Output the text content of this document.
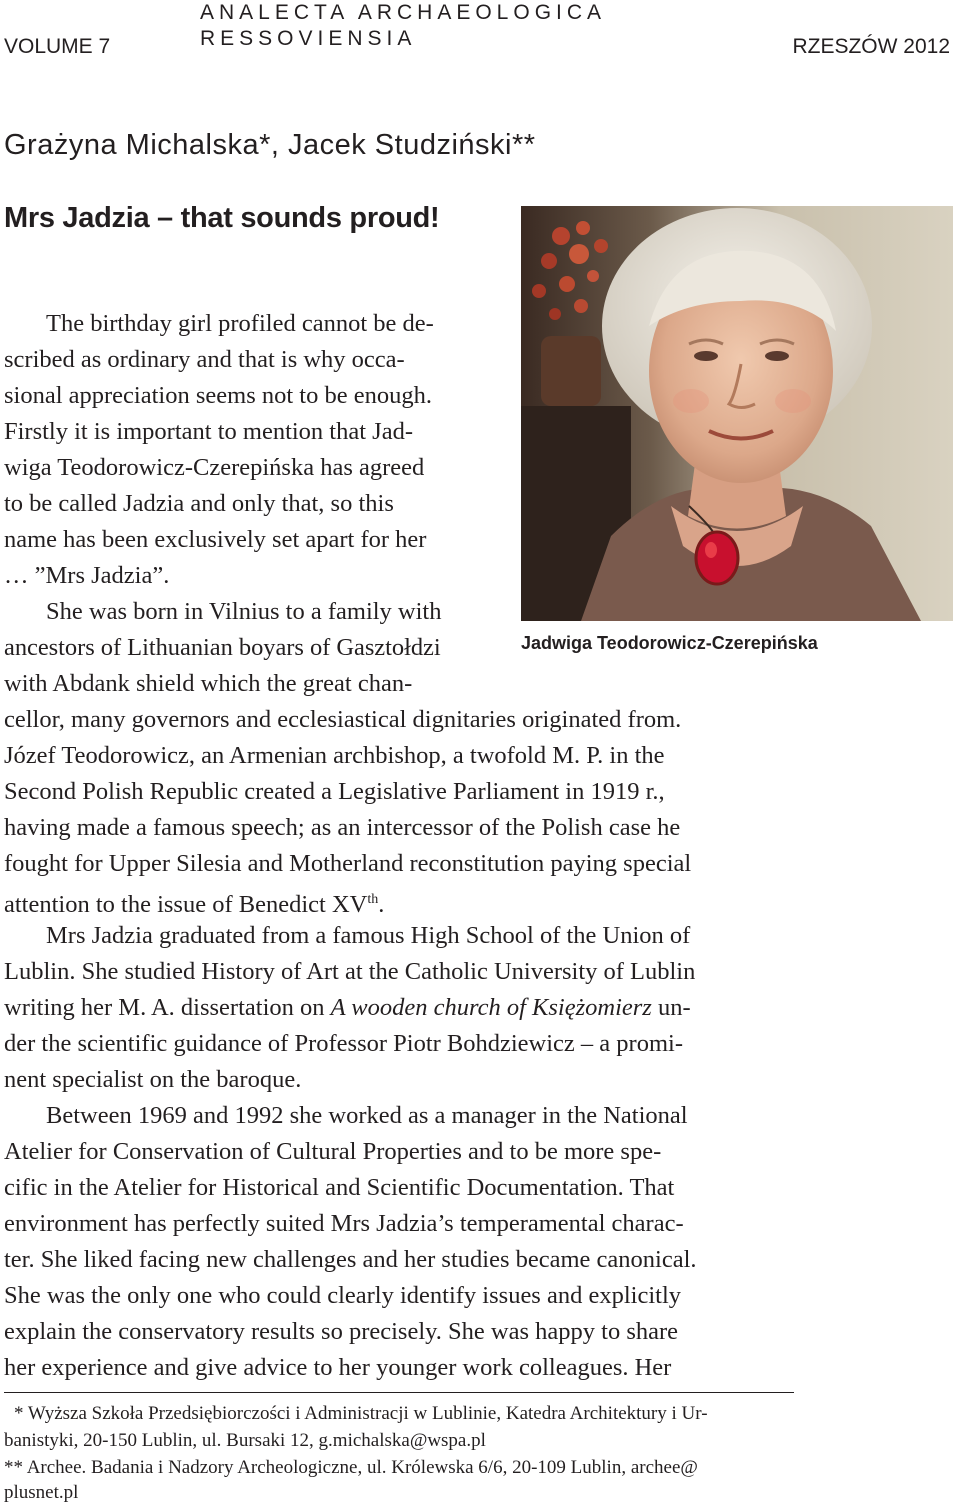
ANALECTA ARCHAEOLOGICA RESSOVIENSIA
VOLUME 7	RZESZÓW 2012
Grażyna Michalska*, Jacek Studziński**
Mrs Jadzia – that sounds proud!
Jadwiga Teodorowicz-Czerepińska
The birthday girl profiled cannot be de-
scribed as ordinary and that is why occa-
sional appreciation seems not to be enough.
Firstly it is important to mention that Jad-
wiga Teodorowicz-Czerepińska has agreed
to be called Jadzia and only that, so this
name has been exclusively set apart for her
… ”Mrs Jadzia”.
She was born in Vilnius to a family with
ancestors of Lithuanian boyars of Gasztołdzi
with Abdank shield which the great chan-
cellor, many governors and ecclesiastical dignitaries originated from.
Józef Teodorowicz, an Armenian archbishop, a twofold M. P. in the
Second Polish Republic created a Legislative Parliament in 1919 r.,
having made a famous speech; as an intercessor of the Polish case he
fought for Upper Silesia and Motherland reconstitution paying special
attention to the issue of Benedict XVth.
Mrs Jadzia graduated from a famous High School of the Union of
Lublin. She studied History of Art at the Catholic University of Lublin
writing her M. A. dissertation on A wooden church of Księżomierz un-
der the scientific guidance of Professor Piotr Bohdziewicz – a promi-
nent specialist on the baroque.
Between 1969 and 1992 she worked as a manager in the National
Atelier for Conservation of Cultural Properties and to be more spe-
cific in the Atelier for Historical and Scientific Documentation. That
environment has perfectly suited Mrs Jadzia’s temperamental charac-
ter. She liked facing new challenges and her studies became canonical.
She was the only one who could clearly identify issues and explicitly
explain the conservatory results so precisely. She was happy to share
her experience and give advice to her younger work colleagues. Her
* Wyższa Szkoła Przedsiębiorczości i Administracji w Lublinie, Katedra Architektury i Ur-
banistyki, 20-150 Lublin, ul. Bursaki 12, g.michalska@wspa.pl
** Archee. Badania i Nadzory Archeologiczne, ul. Królewska 6/6, 20-109 Lublin, archee@
plusnet.pl
